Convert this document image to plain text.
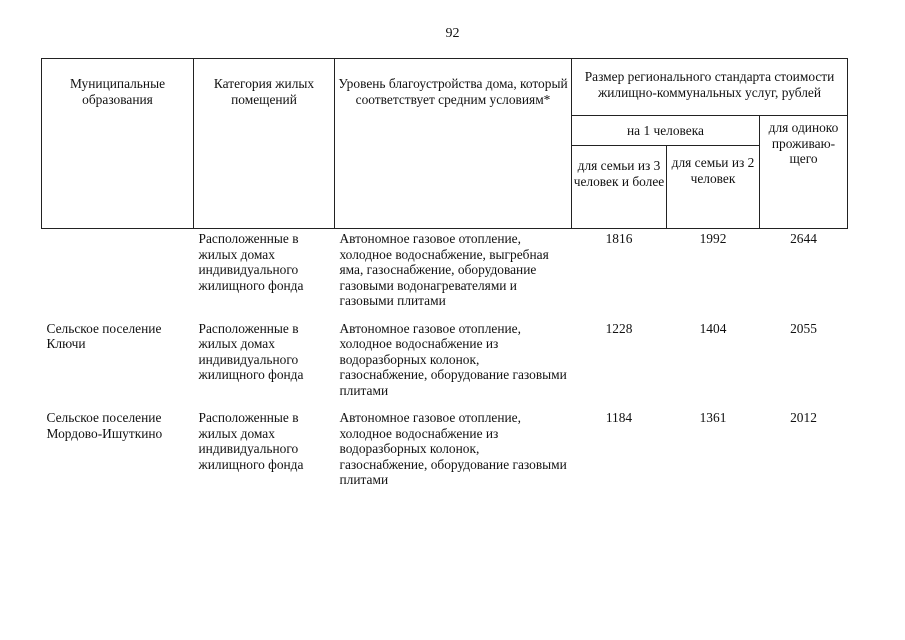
92
Муниципальные образования	Категория жилых помещений	Уровень благоустройства дома, который соответствует средним условиям*	Размер регионального стандарта стоимости жилищно-коммунальных услуг, рублей		
			на 1 человека		для одиноко проживаю-щего
			для семьи из 3 человек и более	для семьи из 2 человек	
	Расположенные в жилых домах индивидуального жилищного фонда	Автономное газовое отопление, холодное водоснабжение, выгребная яма, газоснабжение, оборудование газовыми водонагревателями и газовыми плитами	1816	1992	2644
Сельское поселение Ключи	Расположенные в жилых домах индивидуального жилищного фонда	Автономное газовое отопление, холодное водоснабжение из водоразборных колонок, газоснабжение, оборудование газовыми плитами	1228	1404	2055
Сельское поселение Мордово-Ишуткино	Расположенные в жилых домах индивидуального жилищного фонда	Автономное газовое отопление, холодное водоснабжение из водоразборных колонок, газоснабжение, оборудование газовыми плитами	1184	1361	2012
